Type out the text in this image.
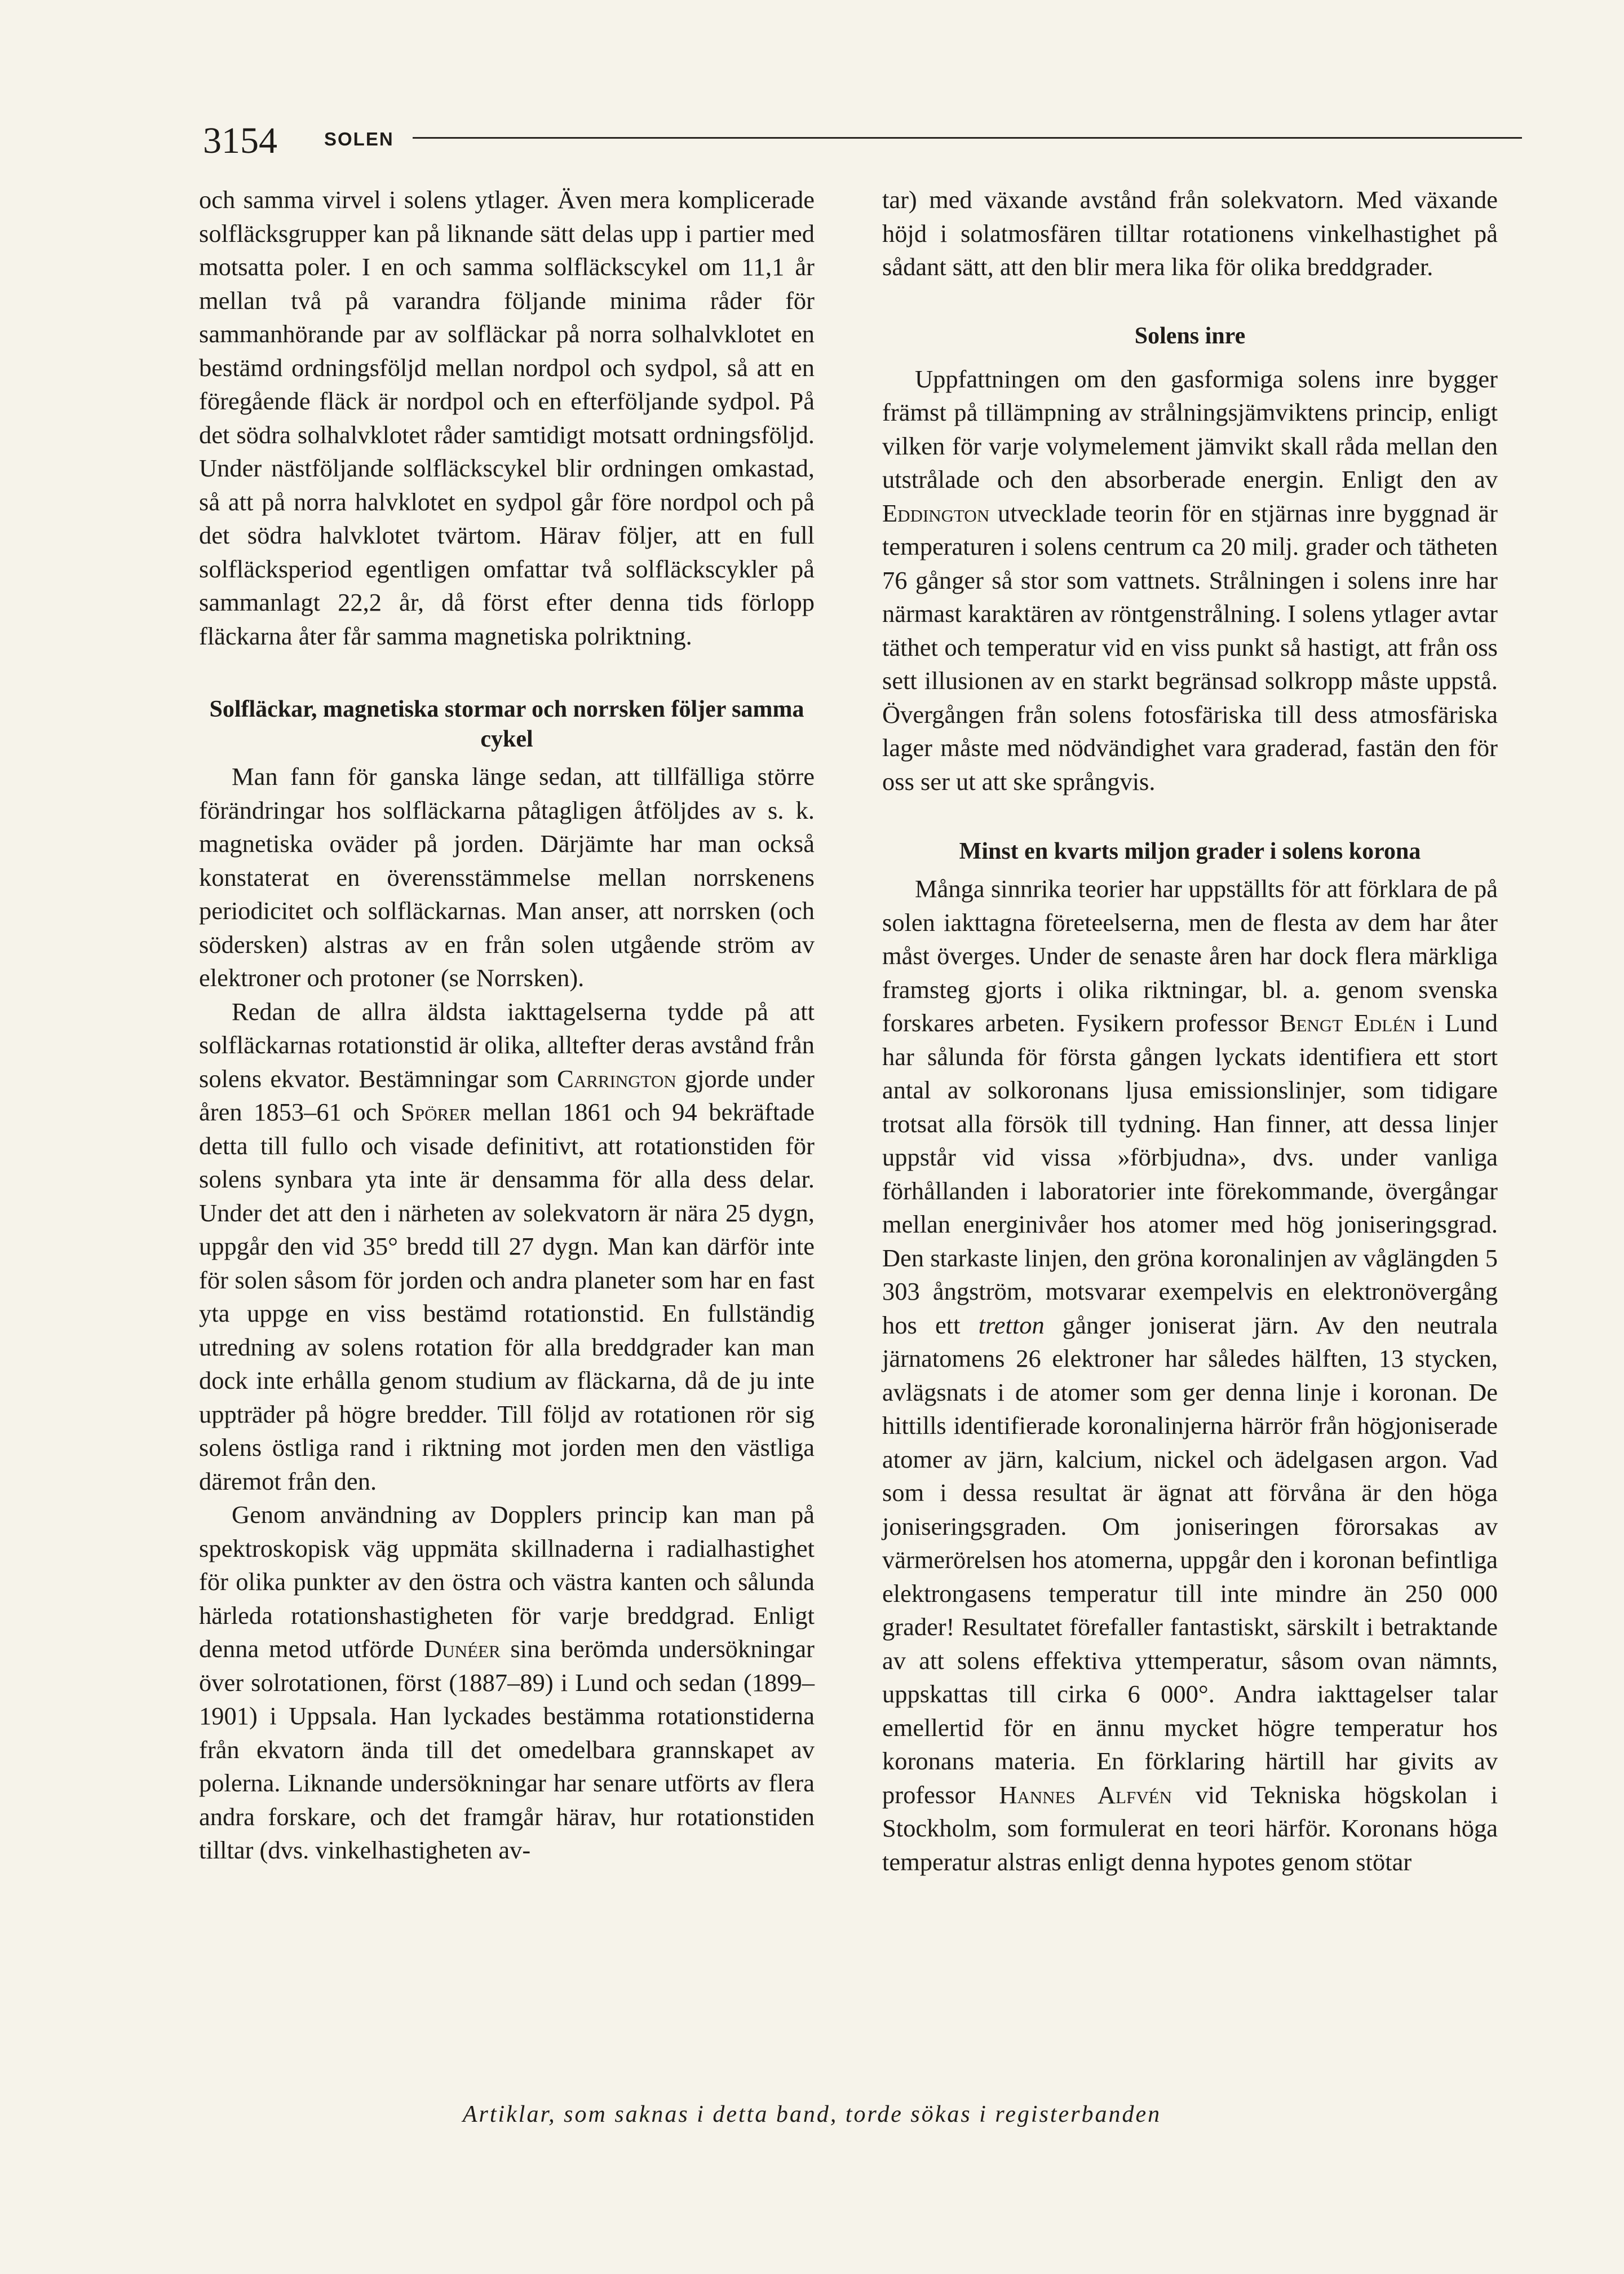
3154	SOLEN

och samma virvel i solens ytlager. Även mera komplicerade solfläcksgrupper kan på liknande sätt delas upp i partier med motsatta poler. I en och samma solfläckscykel om 11,1 år mellan två på varandra följande minima råder för sammanhörande par av solfläckar på norra solhalvklotet en bestämd ordningsföljd mellan nordpol och sydpol, så att en föregående fläck är nordpol och en efterföljande sydpol. På det södra solhalvklotet råder samtidigt motsatt ordningsföljd. Under nästföljande solfläckscykel blir ordningen omkastad, så att på norra halvklotet en sydpol går före nordpol och på det södra halvklotet tvärtom. Härav följer, att en full solfläcksperiod egentligen omfattar två solfläckscykler på sammanlagt 22,2 år, då först efter denna tids förlopp fläckarna åter får samma magnetiska polriktning.

Solfläckar, magnetiska stormar och norrsken följer samma cykel

Man fann för ganska länge sedan, att tillfälliga större förändringar hos solfläckarna påtagligen åtföljdes av s. k. magnetiska oväder på jorden. Därjämte har man också konstaterat en överensstämmelse mellan norrskenens periodicitet och solfläckarnas. Man anser, att norrsken (och södersken) alstras av en från solen utgående ström av elektroner och protoner (se Norrsken).

Redan de allra äldsta iakttagelserna tydde på att solfläckarnas rotationstid är olika, alltefter deras avstånd från solens ekvator. Bestämningar som Carrington gjorde under åren 1853–61 och Spörer mellan 1861 och 94 bekräftade detta till fullo och visade definitivt, att rotationstiden för solens synbara yta inte är densamma för alla dess delar. Under det att den i närheten av solekvatorn är nära 25 dygn, uppgår den vid 35° bredd till 27 dygn. Man kan därför inte för solen såsom för jorden och andra planeter som har en fast yta uppge en viss bestämd rotationstid. En fullständig utredning av solens rotation för alla breddgrader kan man dock inte erhålla genom studium av fläckarna, då de ju inte uppträder på högre bredder. Till följd av rotationen rör sig solens östliga rand i riktning mot jorden men den västliga däremot från den.

Genom användning av Dopplers princip kan man på spektroskopisk väg uppmäta skillnaderna i radialhastighet för olika punkter av den östra och västra kanten och sålunda härleda rotationshastigheten för varje breddgrad. Enligt denna metod utförde Dunéer sina berömda undersökningar över solrotationen, först (1887–89) i Lund och sedan (1899–1901) i Uppsala. Han lyckades bestämma rotationstiderna från ekvatorn ända till det omedelbara grannskapet av polerna. Liknande undersökningar har senare utförts av flera andra forskare, och det framgår härav, hur rotationstiden tilltar (dvs. vinkelhastigheten av-

tar) med växande avstånd från solekvatorn. Med växande höjd i solatmosfären tilltar rotationens vinkelhastighet på sådant sätt, att den blir mera lika för olika breddgrader.

Solens inre

Uppfattningen om den gasformiga solens inre bygger främst på tillämpning av strålningsjämviktens princip, enligt vilken för varje volymelement jämvikt skall råda mellan den utstrålade och den absorberade energin. Enligt den av Eddington utvecklade teorin för en stjärnas inre byggnad är temperaturen i solens centrum ca 20 milj. grader och tätheten 76 gånger så stor som vattnets. Strålningen i solens inre har närmast karaktären av röntgenstrålning. I solens ytlager avtar täthet och temperatur vid en viss punkt så hastigt, att från oss sett illusionen av en starkt begränsad solkropp måste uppstå. Övergången från solens fotosfäriska till dess atmosfäriska lager måste med nödvändighet vara graderad, fastän den för oss ser ut att ske språngvis.

Minst en kvarts miljon grader i solens korona

Många sinnrika teorier har uppställts för att förklara de på solen iakttagna företeelserna, men de flesta av dem har åter måst överges. Under de senaste åren har dock flera märkliga framsteg gjorts i olika riktningar, bl. a. genom svenska forskares arbeten. Fysikern professor Bengt Edlén i Lund har sålunda för första gången lyckats identifiera ett stort antal av solkoronans ljusa emissionslinjer, som tidigare trotsat alla försök till tydning. Han finner, att dessa linjer uppstår vid vissa »förbjudna», dvs. under vanliga förhållanden i laboratorier inte förekommande, övergångar mellan energinivåer hos atomer med hög joniseringsgrad. Den starkaste linjen, den gröna koronalinjen av våglängden 5 303 ångström, motsvarar exempelvis en elektronövergång hos ett tretton gånger joniserat järn. Av den neutrala järnatomens 26 elektroner har således hälften, 13 stycken, avlägsnats i de atomer som ger denna linje i koronan. De hittills identifierade koronalinjerna härrör från högjoniserade atomer av järn, kalcium, nickel och ädelgasen argon. Vad som i dessa resultat är ägnat att förvåna är den höga joniseringsgraden. Om joniseringen förorsakas av värmerörelsen hos atomerna, uppgår den i koronan befintliga elektrongasens temperatur till inte mindre än 250 000 grader! Resultatet förefaller fantastiskt, särskilt i betraktande av att solens effektiva yttemperatur, såsom ovan nämnts, uppskattas till cirka 6 000°. Andra iakttagelser talar emellertid för en ännu mycket högre temperatur hos koronans materia. En förklaring härtill har givits av professor Hannes Alfvén vid Tekniska högskolan i Stockholm, som formulerat en teori härför. Koronans höga temperatur alstras enligt denna hypotes genom stötar

Artiklar, som saknas i detta band, torde sökas i registerbanden
